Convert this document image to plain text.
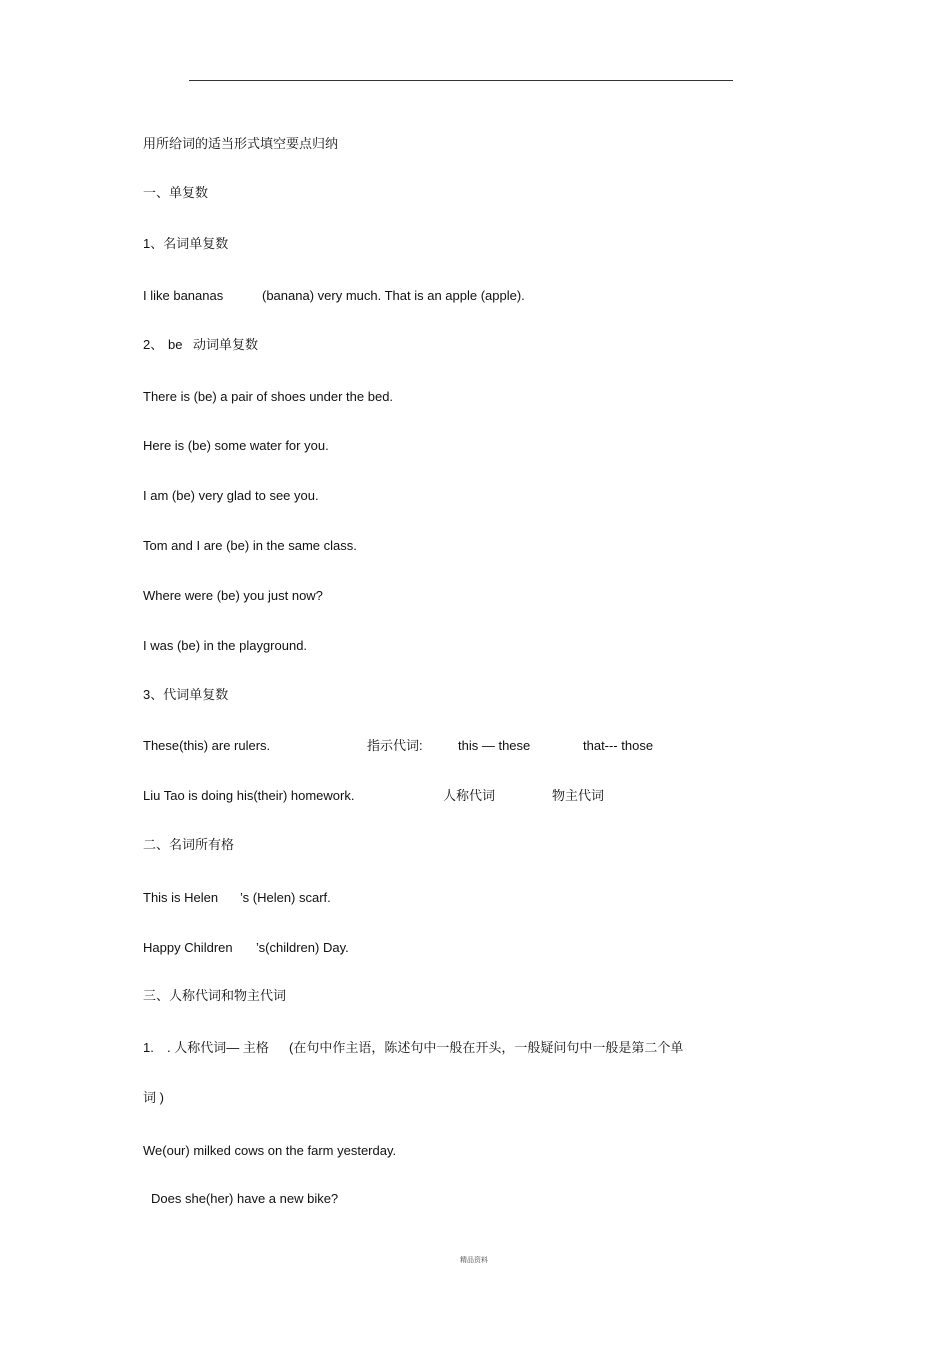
用所给词的适当形式填空要点归纳
一、单复数
1、名词单复数
I like bananas	(banana) very much. That is an apple (apple).
2、 be 动词单复数
There is (be) a pair of shoes under the bed.
Here is (be) some water for you.
I am (be) very glad to see you.
Tom and I are (be) in the same class.
Where were (be) you just now?
I was (be) in the playground.
3、代词单复数
These(this) are rulers.	指示代词:	this — these	that--- those
Liu Tao is doing his(their) homework.	人称代词	物主代词
二、名词所有格
This is Helen ’s (Helen) scarf.
Happy Children ’s(children) Day.
三、人称代词和物主代词
1. . 人称代词— 主格 (在句中作主语，陈述句中一般在开头，一般疑问句中一般是第二个单
词 )
We(our) milked cows on the farm yesterday.
Does she(her) have a new bike?
精品资料
